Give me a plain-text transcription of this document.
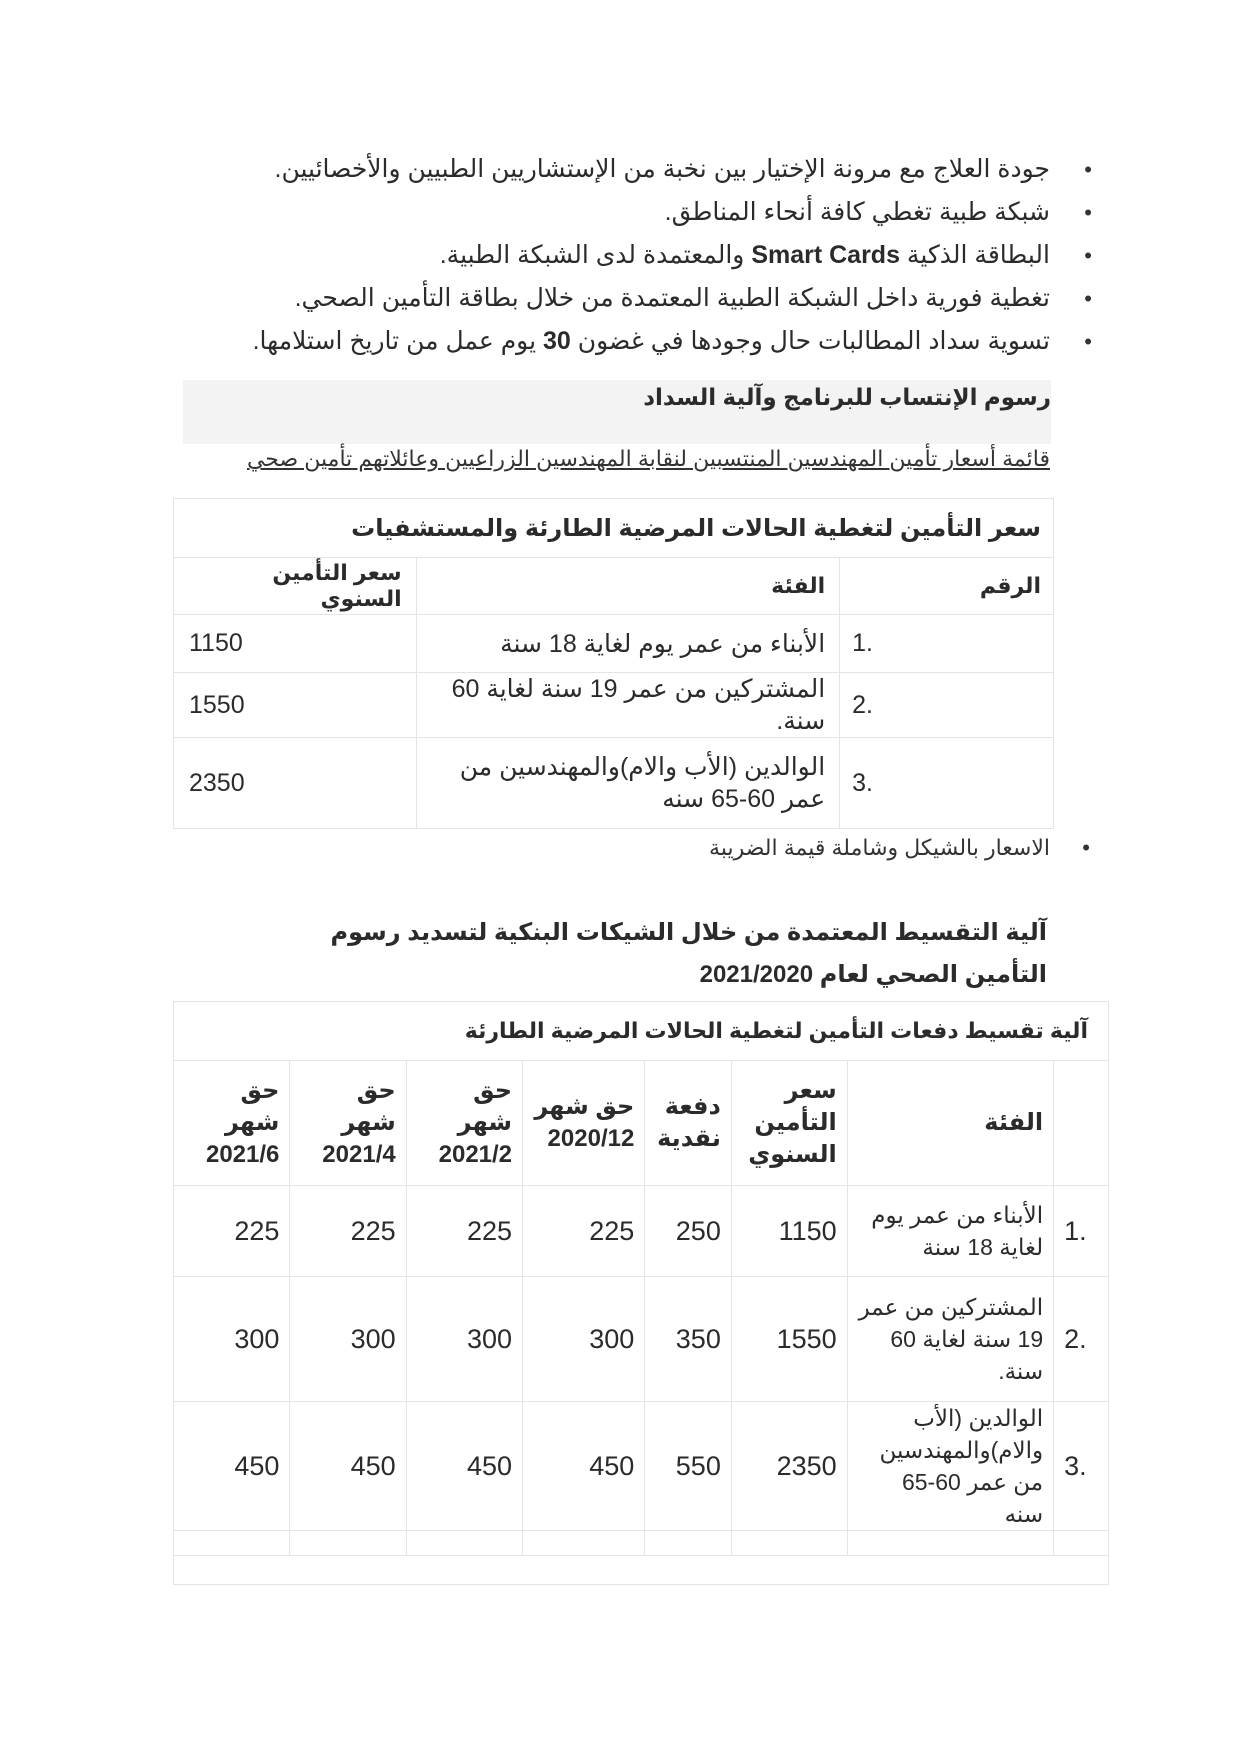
• جودة العلاج مع مرونة الإختيار بين نخبة من الإستشاريين الطبيين والأخصائيين.
• شبكة طبية تغطي كافة أنحاء المناطق.
• البطاقة الذكية Smart Cards والمعتمدة لدى الشبكة الطبية.
• تغطية فورية داخل الشبكة الطبية المعتمدة من خلال بطاقة التأمين الصحي.
• تسوية سداد المطالبات حال وجودها في غضون 30 يوم عمل من تاريخ استلامها.
رسوم الإنتساب للبرنامج وآلية السداد
قائمة أسعار تأمين المهندسين المنتسبين لنقابة المهندسين الزراعيين وعائلاتهم تأمين صحي
سعر التأمين لتغطية الحالات المرضية الطارئة والمستشفيات		
الرقم	الفئة	سعر التأمين السنوي
1.	الأبناء من عمر يوم لغاية 18 سنة	1150
2.	المشتركين من عمر 19 سنة لغاية 60 سنة.	1550
3.	الوالدين (الأب والام)والمهندسين من عمر 60-65 سنه	2350
• الاسعار بالشيكل وشاملة قيمة الضريبة
آلية التقسيط المعتمدة من خلال الشيكات البنكية لتسديد رسوم التأمين الصحي لعام 2021/2020
آلية تقسيط دفعات التأمين لتغطية الحالات المرضية الطارئة							
	الفئة	سعر التأمين السنوي	دفعة نقدية	حق شهر 2020/12	حق شهر 2021/2	حق شهر 2021/4	حق شهر 2021/6
1.	الأبناء من عمر يوم لغاية 18 سنة	1150	250	225	225	225	225
2.	المشتركين من عمر 19 سنة لغاية 60 سنة.	1550	350	300	300	300	300
3.	الوالدين (الأب والام)والمهندسين من عمر 60-65 سنه	2350	550	450	450	450	450
